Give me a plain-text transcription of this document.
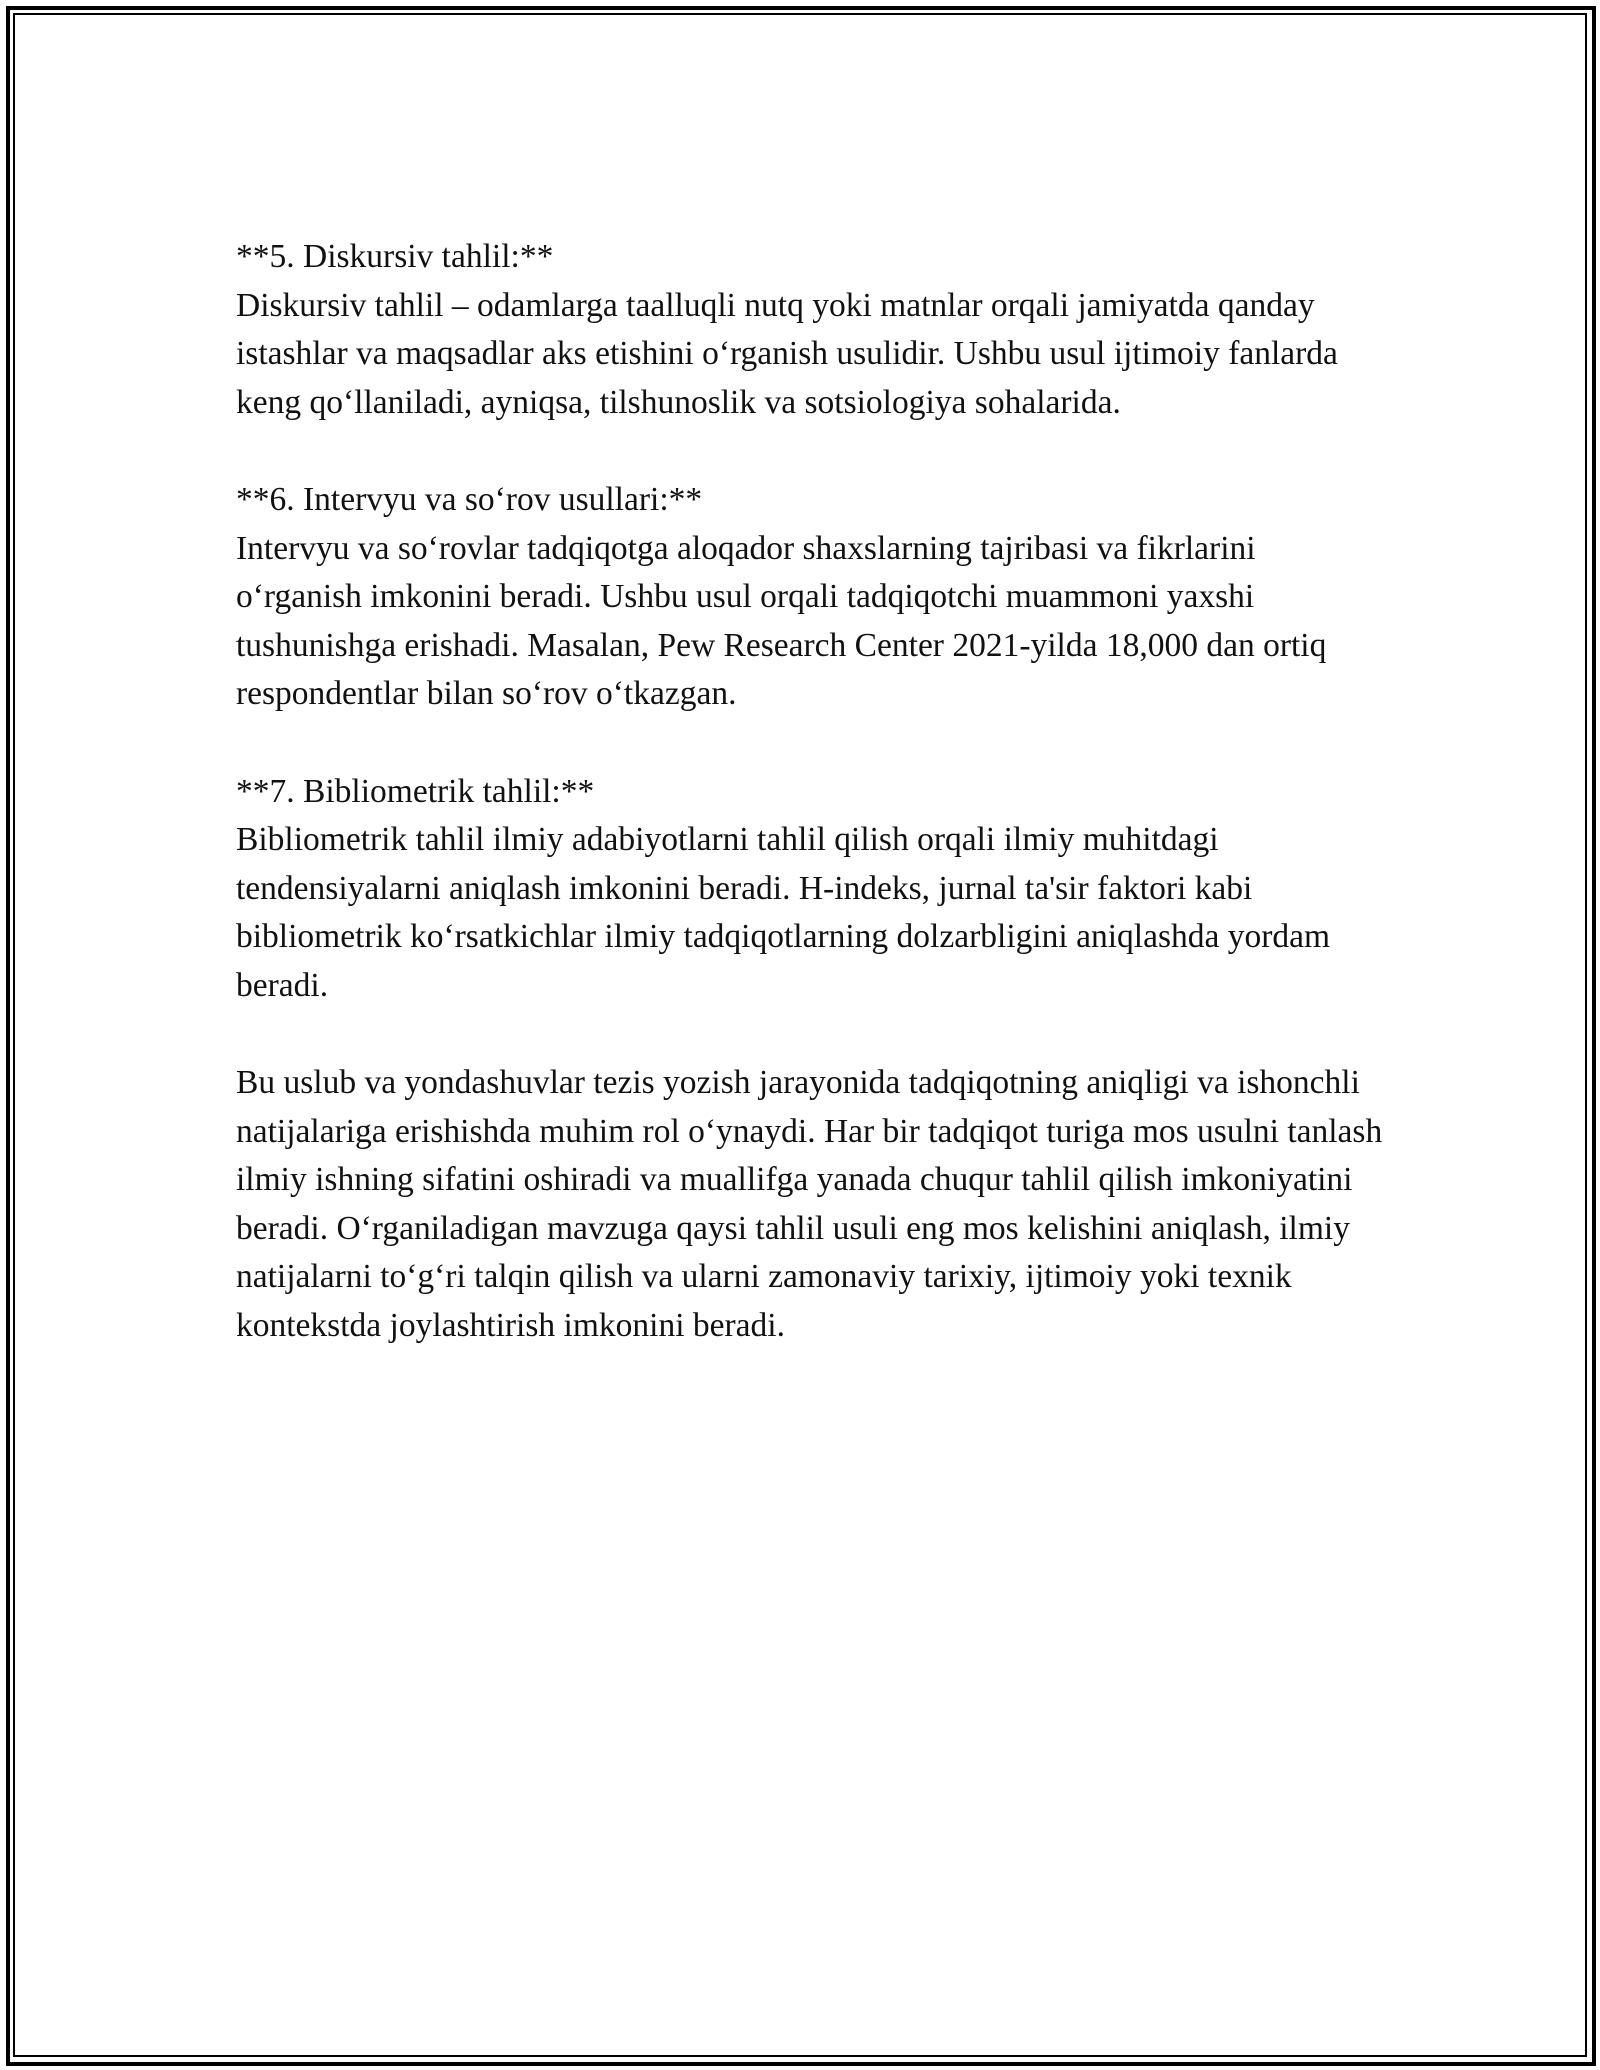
**5. Diskursiv tahlil:**

Diskursiv tahlil – odamlarga taalluqli nutq yoki matnlar orqali jamiyatda qanday istashlar va maqsadlar aks etishini oʻrganish usulidir. Ushbu usul ijtimoiy fanlarda keng qoʻllaniladi, ayniqsa, tilshunoslik va sotsiologiya sohalarida.

**6. Intervyu va soʻrov usullari:**

Intervyu va soʻrovlar tadqiqotga aloqador shaxslarning tajribasi va fikrlarini oʻrganish imkonini beradi. Ushbu usul orqali tadqiqotchi muammoni yaxshi tushunishga erishadi. Masalan, Pew Research Center 2021-yilda 18,000 dan ortiq respondentlar bilan soʻrov oʻtkazgan.

**7. Bibliometrik tahlil:**

Bibliometrik tahlil ilmiy adabiyotlarni tahlil qilish orqali ilmiy muhitdagi tendensiyalarni aniqlash imkonini beradi. H-indeks, jurnal ta'sir faktori kabi bibliometrik koʻrsatkichlar ilmiy tadqiqotlarning dolzarbligini aniqlashda yordam beradi.

Bu uslub va yondashuvlar tezis yozish jarayonida tadqiqotning aniqligi va ishonchli natijalariga erishishda muhim rol oʻynaydi. Har bir tadqiqot turiga mos usulni tanlash ilmiy ishning sifatini oshiradi va muallifga yanada chuqur tahlil qilish imkoniyatini beradi. Oʻrganiladigan mavzuga qaysi tahlil usuli eng mos kelishini aniqlash, ilmiy natijalarni toʻgʻri talqin qilish va ularni zamonaviy tarixiy, ijtimoiy yoki texnik kontekstda joylashtirish imkonini beradi.
